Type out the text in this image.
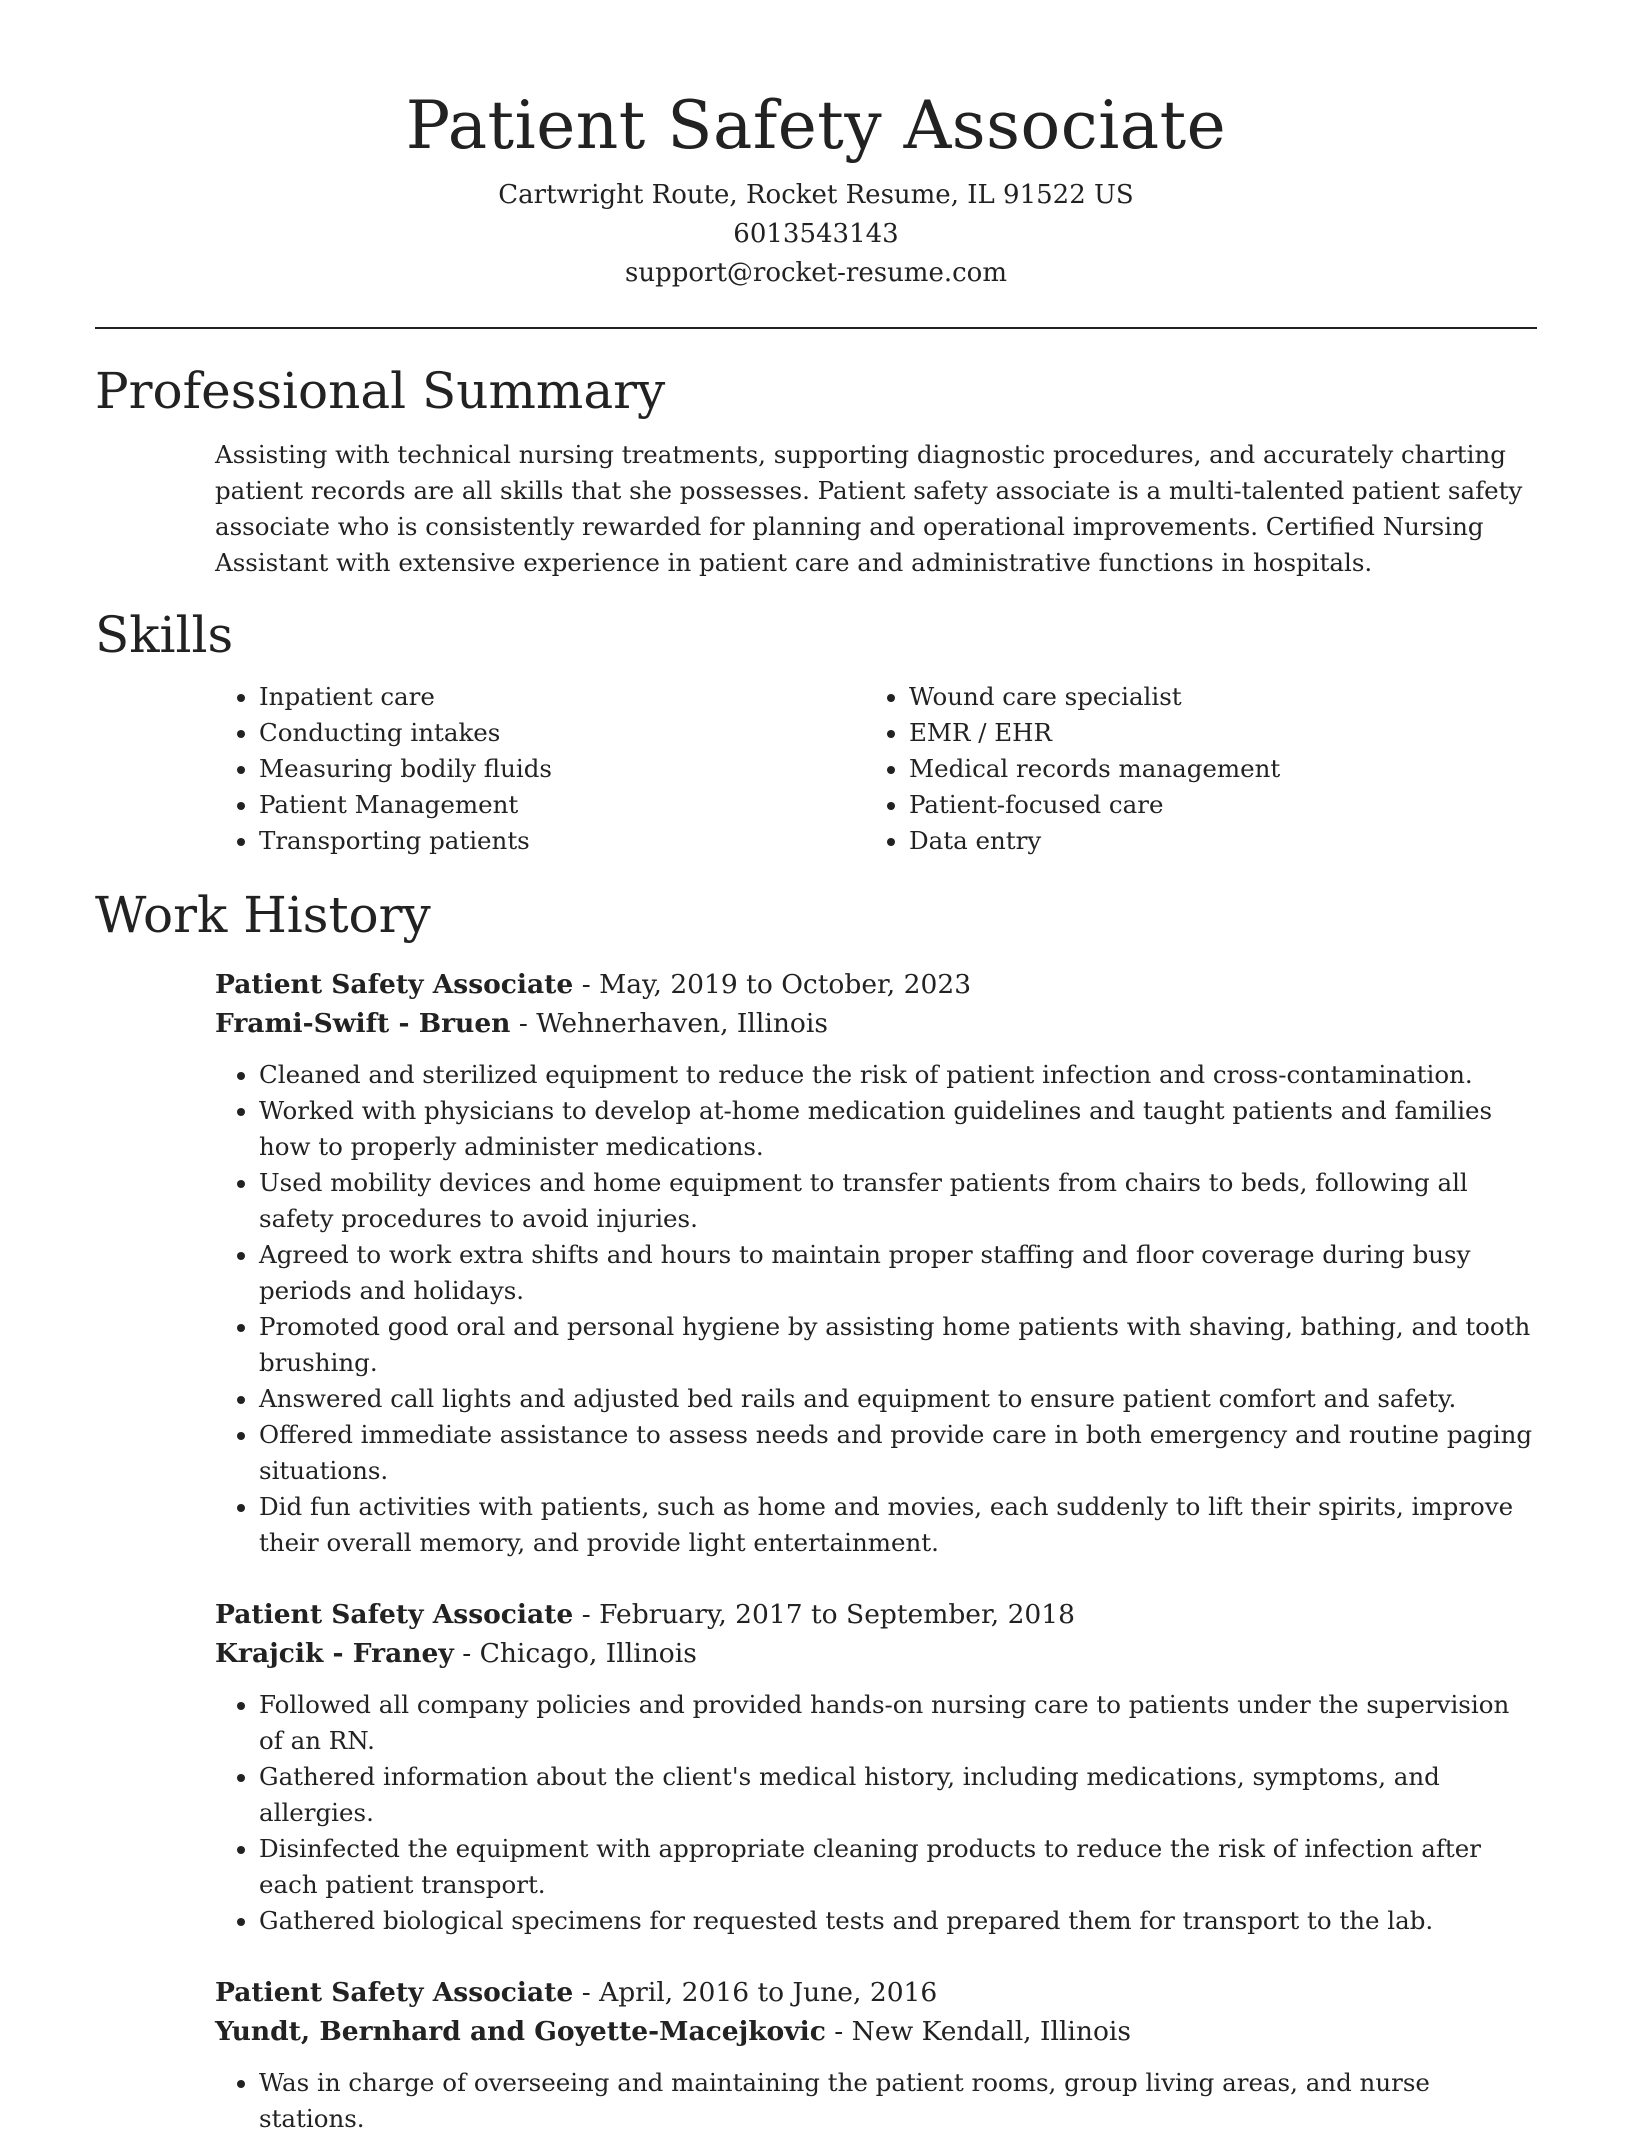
Patient Safety Associate

Cartwright Route, Rocket Resume, IL 91522 US

6013543143

support@rocket-resume.com

Professional Summary

Assisting with technical nursing treatments, supporting diagnostic procedures, and accurately charting patient records are all skills that she possesses. Patient safety associate is a multi-talented patient safety associate who is consistently rewarded for planning and operational improvements. Certified Nursing Assistant with extensive experience in patient care and administrative functions in hospitals.

Skills
• Inpatient care
• Conducting intakes
• Measuring bodily fluids
• Patient Management
• Transporting patients
• Wound care specialist
• EMR / EHR
• Medical records management
• Patient-focused care
• Data entry
Work History
Patient Safety Associate - May, 2019 to October, 2023
Frami-Swift - Bruen - Wehnerhaven, Illinois
• Cleaned and sterilized equipment to reduce the risk of patient infection and cross-contamination.
• Worked with physicians to develop at-home medication guidelines and taught patients and families how to properly administer medications.
• Used mobility devices and home equipment to transfer patients from chairs to beds, following all safety procedures to avoid injuries.
• Agreed to work extra shifts and hours to maintain proper staffing and floor coverage during busy periods and holidays.
• Promoted good oral and personal hygiene by assisting home patients with shaving, bathing, and tooth brushing.
• Answered call lights and adjusted bed rails and equipment to ensure patient comfort and safety.
• Offered immediate assistance to assess needs and provide care in both emergency and routine paging situations.
• Did fun activities with patients, such as home and movies, each suddenly to lift their spirits, improve their overall memory, and provide light entertainment.
Patient Safety Associate - February, 2017 to September, 2018
Krajcik - Franey - Chicago, Illinois
• Followed all company policies and provided hands-on nursing care to patients under the supervision of an RN.
• Gathered information about the client's medical history, including medications, symptoms, and allergies.
• Disinfected the equipment with appropriate cleaning products to reduce the risk of infection after each patient transport.
• Gathered biological specimens for requested tests and prepared them for transport to the lab.
Patient Safety Associate - April, 2016 to June, 2016
Yundt, Bernhard and Goyette-Macejkovic - New Kendall, Illinois
• Was in charge of overseeing and maintaining the patient rooms, group living areas, and nurse stations.
